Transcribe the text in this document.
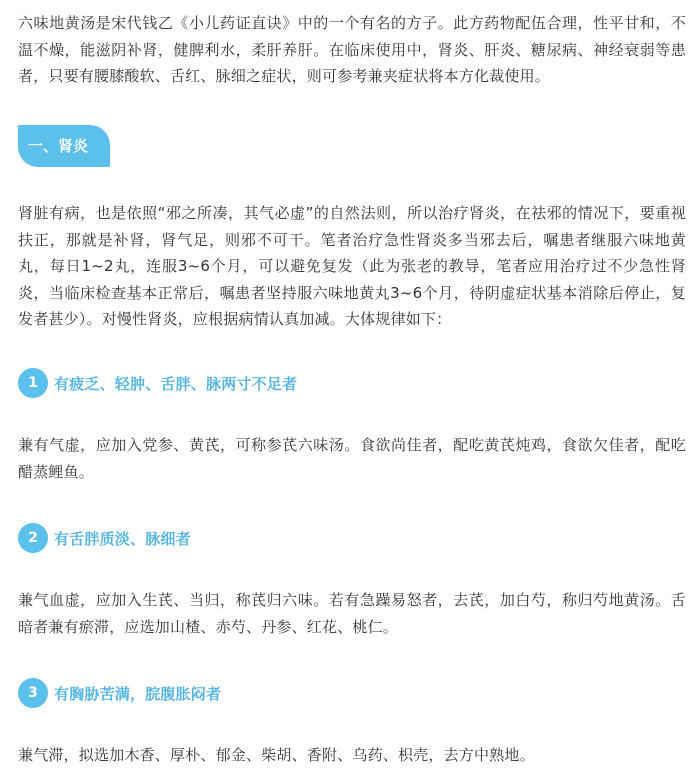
六味地黄汤是宋代钱乙《小儿药证直诀》中的一个有名的方子。此方药物配伍合理，性平甘和，不温不燥，能滋阴补肾，健脾利水，柔肝养肝。在临床使用中，肾炎、肝炎、糖尿病、神经衰弱等患者，只要有腰膝酸软、舌红、脉细之症状，则可参考兼夹症状将本方化裁使用。

一、肾炎

肾脏有病，也是依照“邪之所凑，其气必虚”的自然法则，所以治疗肾炎，在祛邪的情况下，要重视扶正，那就是补肾，肾气足，则邪不可干。笔者治疗急性肾炎多当邪去后，嘱患者继服六味地黄丸，每日1~2丸，连服3~6个月，可以避免复发（此为张老的教导，笔者应用治疗过不少急性肾炎，当临床检查基本正常后，嘱患者坚持服六味地黄丸3~6个月，待阴虚症状基本消除后停止，复发者甚少）。对慢性肾炎，应根据病情认真加减。大体规律如下：

1	有疲乏、轻肿、舌胖、脉两寸不足者

兼有气虚，应加入党参、黄芪，可称参芪六味汤。食欲尚佳者，配吃黄芪炖鸡，食欲欠佳者，配吃醋蒸鲤鱼。

2	有舌胖质淡、脉细者

兼气血虚，应加入生芪、当归，称芪归六味。若有急躁易怒者，去芪，加白芍，称归芍地黄汤。舌暗者兼有瘀滞，应选加山楂、赤芍、丹参、红花、桃仁。

3	有胸胁苦满，脘腹胀闷者

兼气滞，拟选加木香、厚朴、郁金、柴胡、香附、乌药、枳壳，去方中熟地。
